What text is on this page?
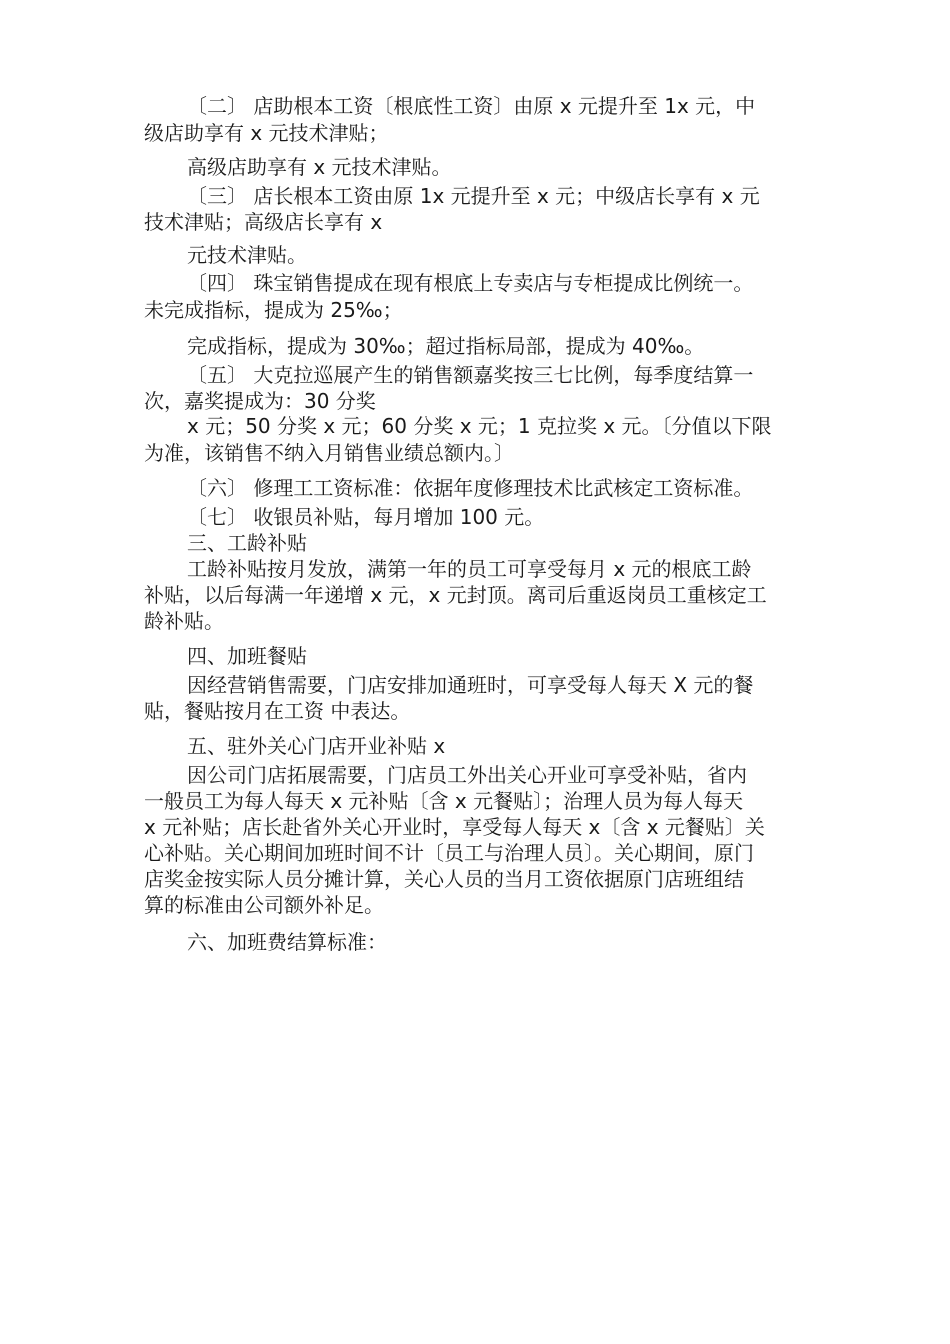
〔二〕 店助根本工资〔根底性工资〕由原 x 元提升至 1x 元，中
级店助享有 x 元技术津贴；
高级店助享有 x 元技术津贴。
〔三〕 店长根本工资由原 1x 元提升至 x 元；中级店长享有 x 元
技术津贴；高级店长享有 x
元技术津贴。
〔四〕 珠宝销售提成在现有根底上专卖店与专柜提成比例统一。
未完成指标，提成为 25‰；
完成指标，提成为 30‰；超过指标局部，提成为 40‰。
〔五〕 大克拉巡展产生的销售额嘉奖按三七比例，每季度结算一
次，嘉奖提成为：30 分奖
x 元；50 分奖 x 元；60 分奖 x 元；1 克拉奖 x 元。〔分值以下限
为准，该销售不纳入月销售业绩总额内。〕
〔六〕 修理工工资标准：依据年度修理技术比武核定工资标准。
〔七〕 收银员补贴，每月增加 100 元。
三、工龄补贴
工龄补贴按月发放，满第一年的员工可享受每月 x 元的根底工龄
补贴，以后每满一年递增 x 元，x 元封顶。离司后重返岗员工重核定工
龄补贴。
四、加班餐贴
因经营销售需要，门店安排加通班时，可享受每人每天 X 元的餐
贴，餐贴按月在工资 中表达。
五、驻外关心门店开业补贴 x
因公司门店拓展需要，门店员工外出关心开业可享受补贴，省内
一般员工为每人每天 x 元补贴〔含 x 元餐贴〕；治理人员为每人每天
x 元补贴；店长赴省外关心开业时，享受每人每天 x〔含 x 元餐贴〕关
心补贴。关心期间加班时间不计〔员工与治理人员〕。关心期间，原门
店奖金按实际人员分摊计算，关心人员的当月工资依据原门店班组结
算的标准由公司额外补足。
六、加班费结算标准：
